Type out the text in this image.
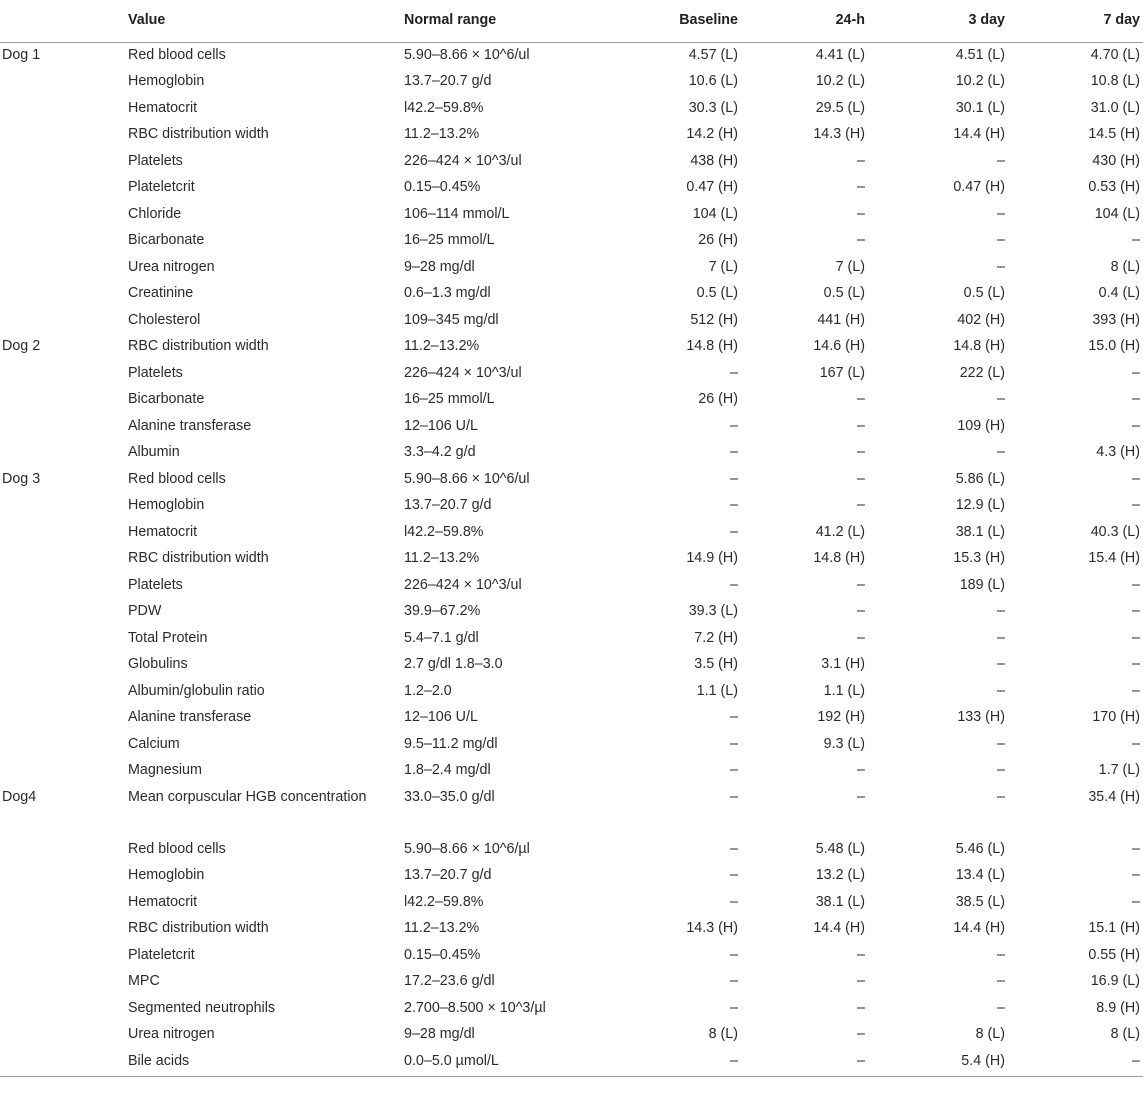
	Value	Normal range	Baseline	24-h	3 day	7 day
Dog 1	Red blood cells	5.90–8.66 × 10^6/ul	4.57 (L)	4.41 (L)	4.51 (L)	4.70 (L)
	Hemoglobin	13.7–20.7 g/d	10.6 (L)	10.2 (L)	10.2 (L)	10.8 (L)
	Hematocrit	l42.2–59.8%	30.3 (L)	29.5 (L)	30.1 (L)	31.0 (L)
	RBC distribution width	11.2–13.2%	14.2 (H)	14.3 (H)	14.4 (H)	14.5 (H)
	Platelets	226–424 × 10^3/ul	438 (H)	–	–	430 (H)
	Plateletcrit	0.15–0.45%	0.47 (H)	–	0.47 (H)	0.53 (H)
	Chloride	106–114 mmol/L	104 (L)	–	–	104 (L)
	Bicarbonate	16–25 mmol/L	26 (H)	–	–	–
	Urea nitrogen	9–28 mg/dl	7 (L)	7 (L)	–	8 (L)
	Creatinine	0.6–1.3 mg/dl	0.5 (L)	0.5 (L)	0.5 (L)	0.4 (L)
	Cholesterol	109–345 mg/dl	512 (H)	441 (H)	402 (H)	393 (H)
Dog 2	RBC distribution width	11.2–13.2%	14.8 (H)	14.6 (H)	14.8 (H)	15.0 (H)
	Platelets	226–424 × 10^3/ul	–	167 (L)	222 (L)	–
	Bicarbonate	16–25 mmol/L	26 (H)	–	–	–
	Alanine transferase	12–106 U/L	–	–	109 (H)	–
	Albumin	3.3–4.2 g/d	–	–	–	4.3 (H)
Dog 3	Red blood cells	5.90–8.66 × 10^6/ul	–	–	5.86 (L)	–
	Hemoglobin	13.7–20.7 g/d	–	–	12.9 (L)	–
	Hematocrit	l42.2–59.8%	–	41.2 (L)	38.1 (L)	40.3 (L)
	RBC distribution width	11.2–13.2%	14.9 (H)	14.8 (H)	15.3 (H)	15.4 (H)
	Platelets	226–424 × 10^3/ul	–	–	189 (L)	–
	PDW	39.9–67.2%	39.3 (L)	–	–	–
	Total Protein	5.4–7.1 g/dl	7.2 (H)	–	–	–
	Globulins	2.7 g/dl 1.8–3.0	3.5 (H)	3.1 (H)	–	–
	Albumin/globulin ratio	1.2–2.0	1.1 (L)	1.1 (L)	–	–
	Alanine transferase	12–106 U/L	–	192 (H)	133 (H)	170 (H)
	Calcium	9.5–11.2 mg/dl	–	9.3 (L)	–	–
	Magnesium	1.8–2.4 mg/dl	–	–	–	1.7 (L)
Dog4	Mean corpuscular HGB concentration	33.0–35.0 g/dl	–	–	–	35.4 (H)
	Red blood cells	5.90–8.66 × 10^6/µl	–	5.48 (L)	5.46 (L)	–
	Hemoglobin	13.7–20.7 g/d	–	13.2 (L)	13.4 (L)	–
	Hematocrit	l42.2–59.8%	–	38.1 (L)	38.5 (L)	–
	RBC distribution width	11.2–13.2%	14.3 (H)	14.4 (H)	14.4 (H)	15.1 (H)
	Plateletcrit	0.15–0.45%	–	–	–	0.55 (H)
	MPC	17.2–23.6 g/dl	–	–	–	16.9 (L)
	Segmented neutrophils	2.700–8.500 × 10^3/µl	–	–	–	8.9 (H)
	Urea nitrogen	9–28 mg/dl	8 (L)	–	8 (L)	8 (L)
	Bile acids	0.0–5.0 µmol/L	–	–	5.4 (H)	–
